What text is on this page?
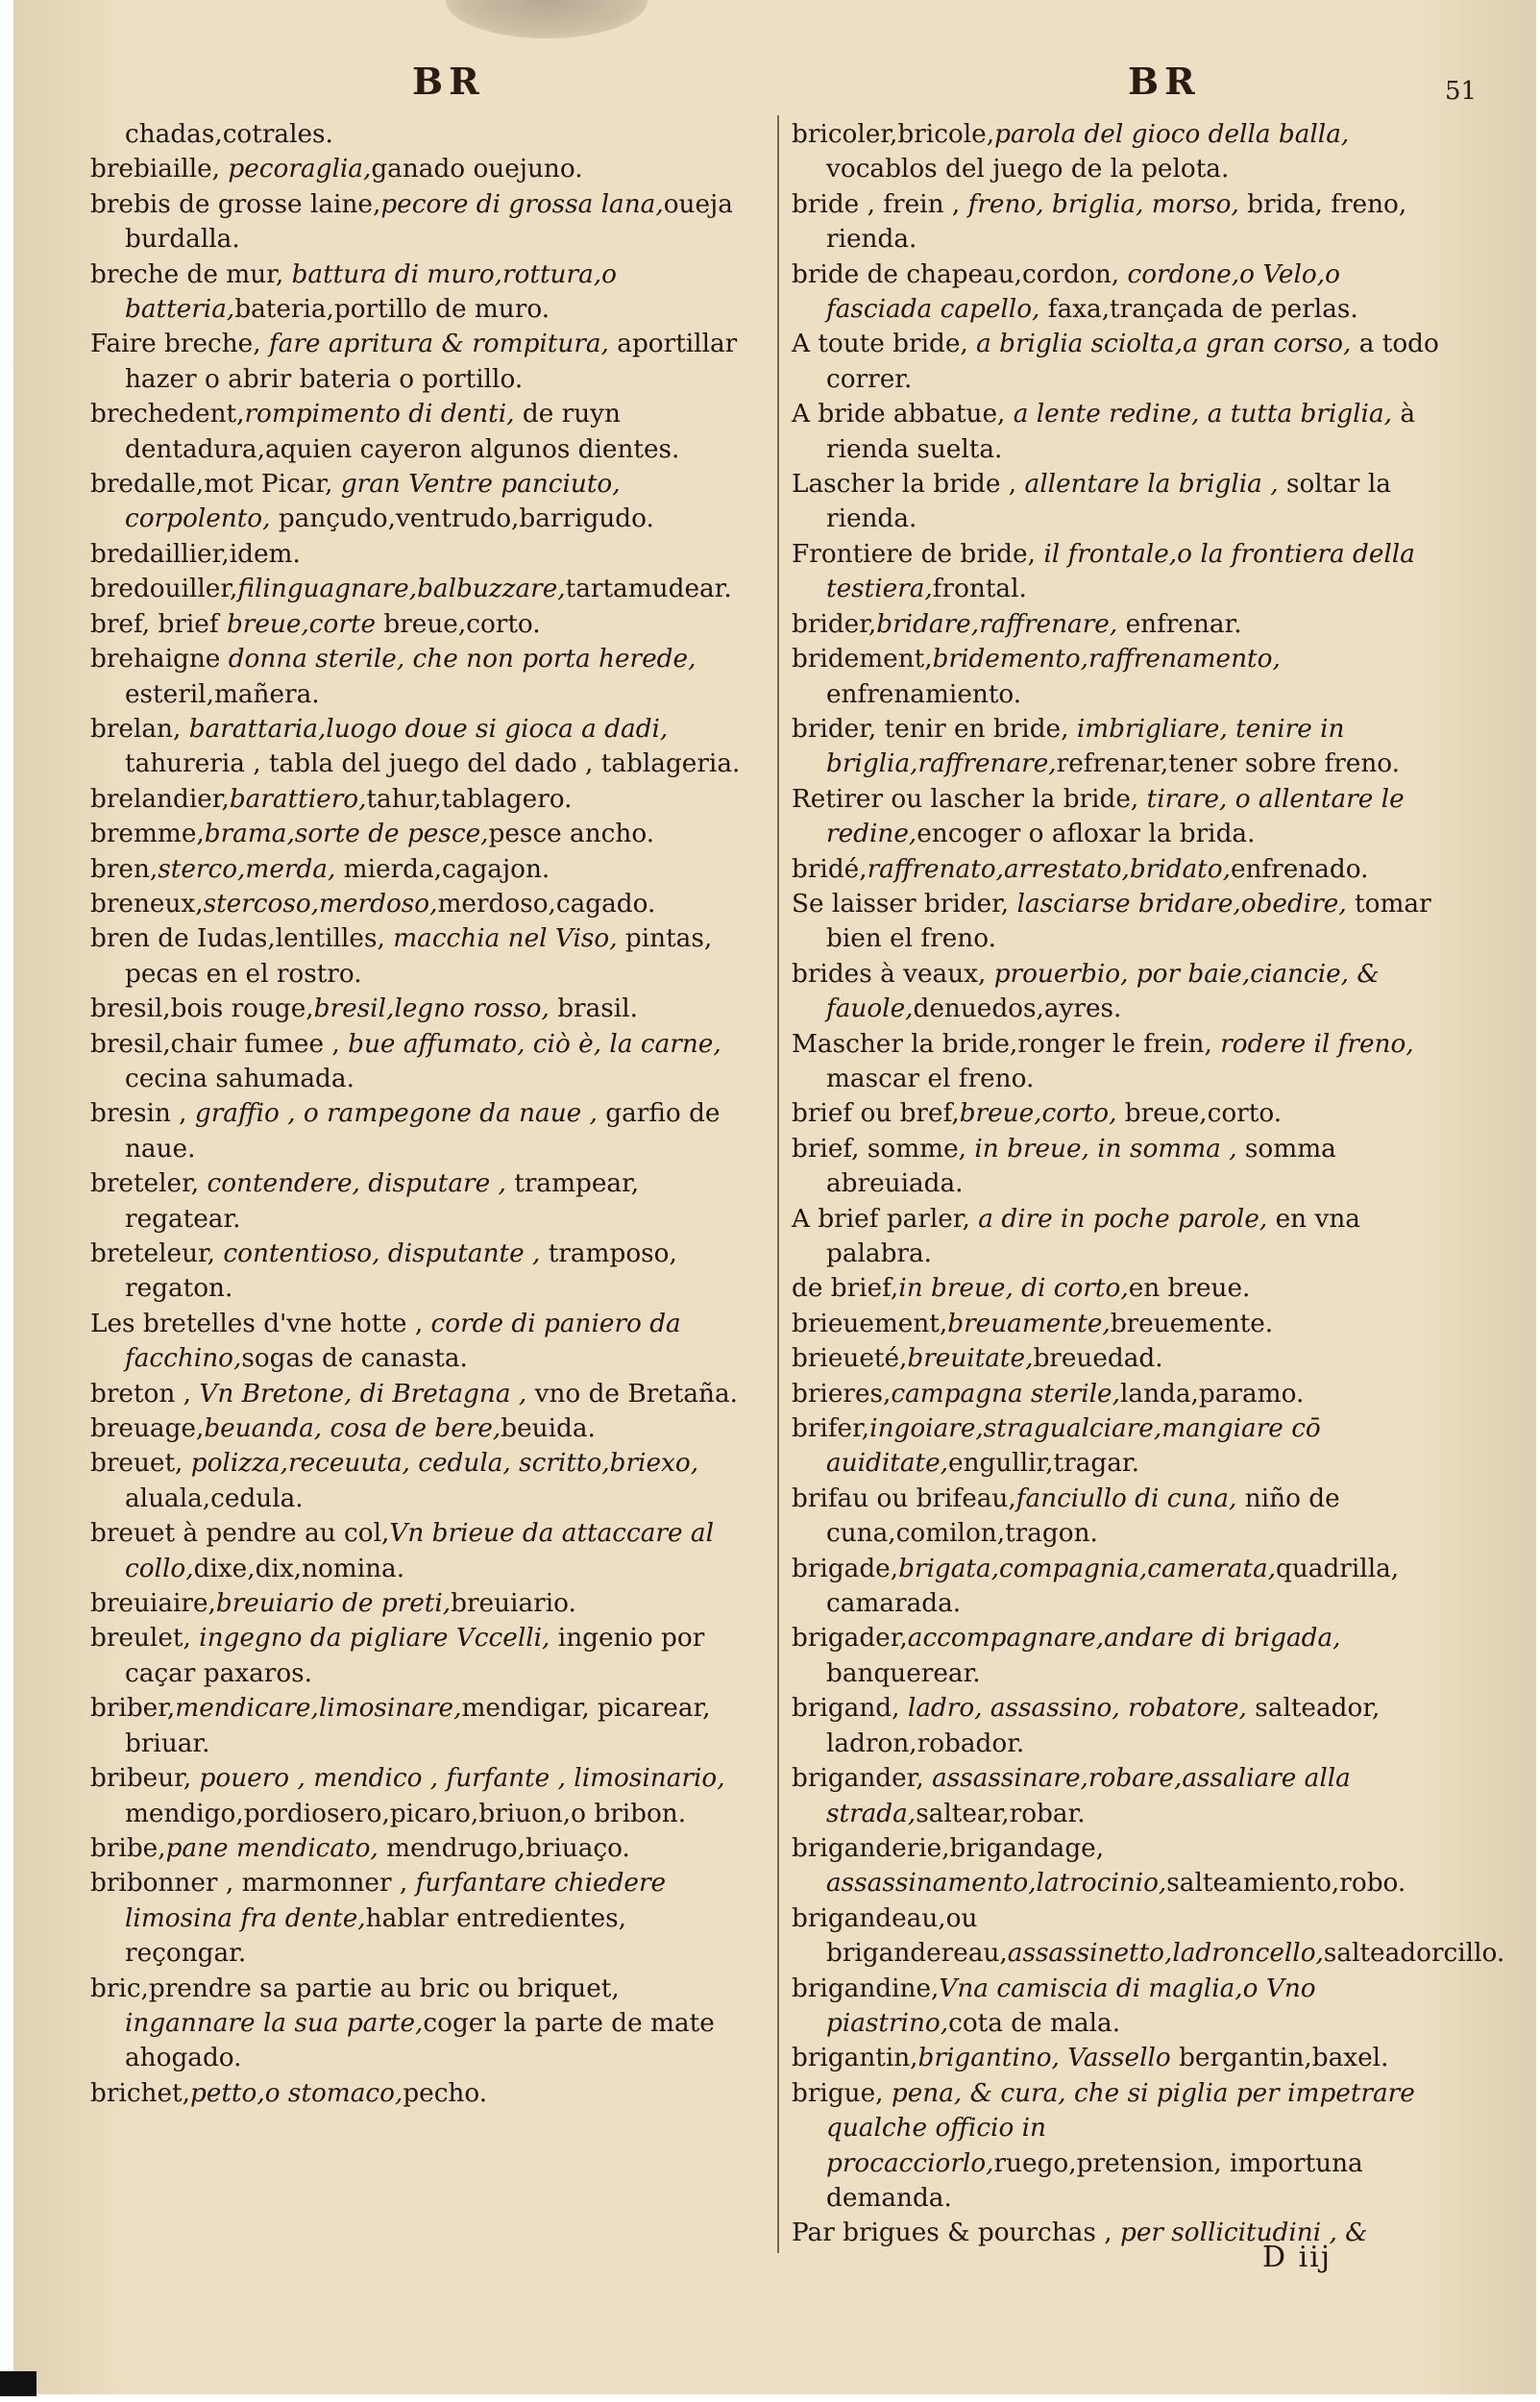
BR	BR	51

chadas,cotrales.

brebiaille, pecoraglia,ganado ouejuno.

brebis de grosse laine,pecore di grossa lana,oueja burdalla.

breche de mur, battura di muro,rottura,o batteria,bateria,portillo de muro.

Faire breche, fare apritura & rompitura, aportillar hazer o abrir bateria o portillo.

brechedent,rompimento di denti, de ruyn dentadura,aquien cayeron algunos dientes.

bredalle,mot Picar, gran Ventre panciuto, corpolento, pançudo,ventrudo,barrigudo.

bredaillier,idem.

bredouiller,filinguagnare,balbuzzare,tartamudear.

bref, brief breue,corte breue,corto.

brehaigne donna sterile, che non porta herede, esteril,mañera.

brelan, barattaria,luogo doue si gioca a dadi, tahureria , tabla del juego del dado , tablageria.

brelandier,barattiero,tahur,tablagero.

bremme,brama,sorte de pesce,pesce ancho.

bren,sterco,merda, mierda,cagajon.

breneux,stercoso,merdoso,merdoso,cagado.

bren de Iudas,lentilles, macchia nel Viso, pintas, pecas en el rostro.

bresil,bois rouge,bresil,legno rosso, brasil.

bresil,chair fumee , bue affumato, ciò è, la carne, cecina sahumada.

bresin , graffio , o rampegone da naue , garfio de naue.

breteler, contendere, disputare , trampear, regatear.

breteleur, contentioso, disputante , tramposo, regaton.

Les bretelles d'vne hotte , corde di paniero da facchino,sogas de canasta.

breton , Vn Bretone, di Bretagna , vno de Bretaña.

breuage,beuanda, cosa de bere,beuida.

breuet, polizza,receuuta, cedula, scritto,briexo, aluala,cedula.

breuet à pendre au col,Vn brieue da attaccare al collo,dixe,dix,nomina.

breuiaire,breuiario de preti,breuiario.

breulet, ingegno da pigliare Vccelli, ingenio por caçar paxaros.

briber,mendicare,limosinare,mendigar, picarear, briuar.

bribeur, pouero , mendico , furfante , limosinario, mendigo,pordiosero,picaro,briuon,o bribon.

bribe,pane mendicato, mendrugo,briuaço.

bribonner , marmonner , furfantare chiedere limosina fra dente,hablar entredientes, reçongar.

bric,prendre sa partie au bric ou briquet, ingannare la sua parte,coger la parte de mate ahogado.

brichet,petto,o stomaco,pecho.

bricoler,bricole,parola del gioco della balla, vocablos del juego de la pelota.

bride , frein , freno, briglia, morso, brida, freno, rienda.

bride de chapeau,cordon, cordone,o Velo,o fasciada capello, faxa,trançada de perlas.

A toute bride, a briglia sciolta,a gran corso, a todo correr.

A bride abbatue, a lente redine, a tutta briglia, à rienda suelta.

Lascher la bride , allentare la briglia , soltar la rienda.

Frontiere de bride, il frontale,o la frontiera della testiera,frontal.

brider,bridare,raffrenare, enfrenar.

bridement,bridemento,raffrenamento, enfrenamiento.

brider, tenir en bride, imbrigliare, tenire in briglia,raffrenare,refrenar,tener sobre freno.

Retirer ou lascher la bride, tirare, o allentare le redine,encoger o afloxar la brida.

bridé,raffrenato,arrestato,bridato,enfrenado.

Se laisser brider, lasciarse bridare,obedire, tomar bien el freno.

brides à veaux, prouerbio, por baie,ciancie, & fauole,denuedos,ayres.

Mascher la bride,ronger le frein, rodere il freno, mascar el freno.

brief ou bref,breue,corto, breue,corto.

brief, somme, in breue, in somma , somma abreuiada.

A brief parler, a dire in poche parole, en vna palabra.

de brief,in breue, di corto,en breue.

brieuement,breuamente,breuemente.

brieueté,breuitate,breuedad.

brieres,campagna sterile,landa,paramo.

brifer,ingoiare,stragualciare,mangiare cō auiditate,engullir,tragar.

brifau ou brifeau,fanciullo di cuna, niño de cuna,comilon,tragon.

brigade,brigata,compagnia,camerata,quadrilla, camarada.

brigader,accompagnare,andare di brigada, banquerear.

brigand, ladro, assassino, robatore, salteador, ladron,robador.

brigander, assassinare,robare,assaliare alla strada,saltear,robar.

briganderie,brigandage, assassinamento,latrocinio,salteamiento,robo.

brigandeau,ou brigandereau,assassinetto,ladroncello,salteadorcillo.

brigandine,Vna camiscia di maglia,o Vno piastrino,cota de mala.

brigantin,brigantino, Vassello bergantin,baxel.

brigue, pena, & cura, che si piglia per impetrare qualche officio in procacciorlo,ruego,pretension, importuna demanda.

Par brigues & pourchas , per sollicitudini , &

D iij
